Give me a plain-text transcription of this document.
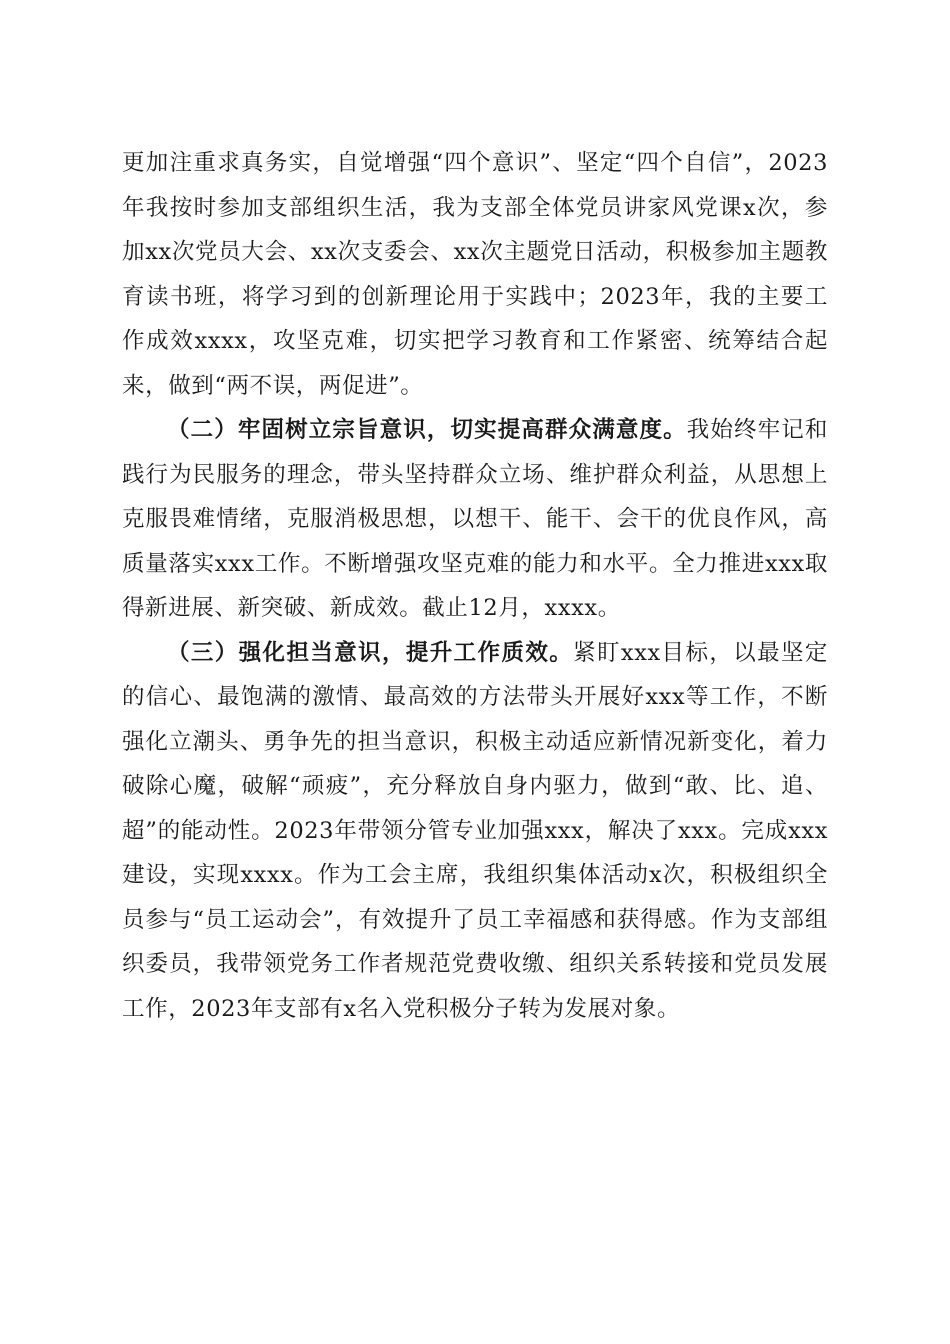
更加注重求真务实，自觉增强“四个意识”、坚定“四个自信”，2023年我按时参加支部组织生活，我为支部全体党员讲家风党课x次，参加xx次党员大会、xx次支委会、xx次主题党日活动，积极参加主题教育读书班，将学习到的创新理论用于实践中；2023年，我的主要工作成效xxxx，攻坚克难，切实把学习教育和工作紧密、统筹结合起来，做到“两不误，两促进”。

（二）牢固树立宗旨意识，切实提高群众满意度。我始终牢记和践行为民服务的理念，带头坚持群众立场、维护群众利益，从思想上克服畏难情绪，克服消极思想，以想干、能干、会干的优良作风，高质量落实xxx工作。不断增强攻坚克难的能力和水平。全力推进xxx取得新进展、新突破、新成效。截止12月，xxxx。

（三）强化担当意识，提升工作质效。紧盯xxx目标，以最坚定的信心、最饱满的激情、最高效的方法带头开展好xxx等工作，不断强化立潮头、勇争先的担当意识，积极主动适应新情况新变化，着力破除心魔，破解“顽疲”，充分释放自身内驱力，做到“敢、比、追、超”的能动性。2023年带领分管专业加强xxx，解决了xxx。完成xxx建设，实现xxxx。作为工会主席，我组织集体活动x次，积极组织全员参与“员工运动会”，有效提升了员工幸福感和获得感。作为支部组织委员，我带领党务工作者规范党费收缴、组织关系转接和党员发展工作，2023年支部有x名入党积极分子转为发展对象。
